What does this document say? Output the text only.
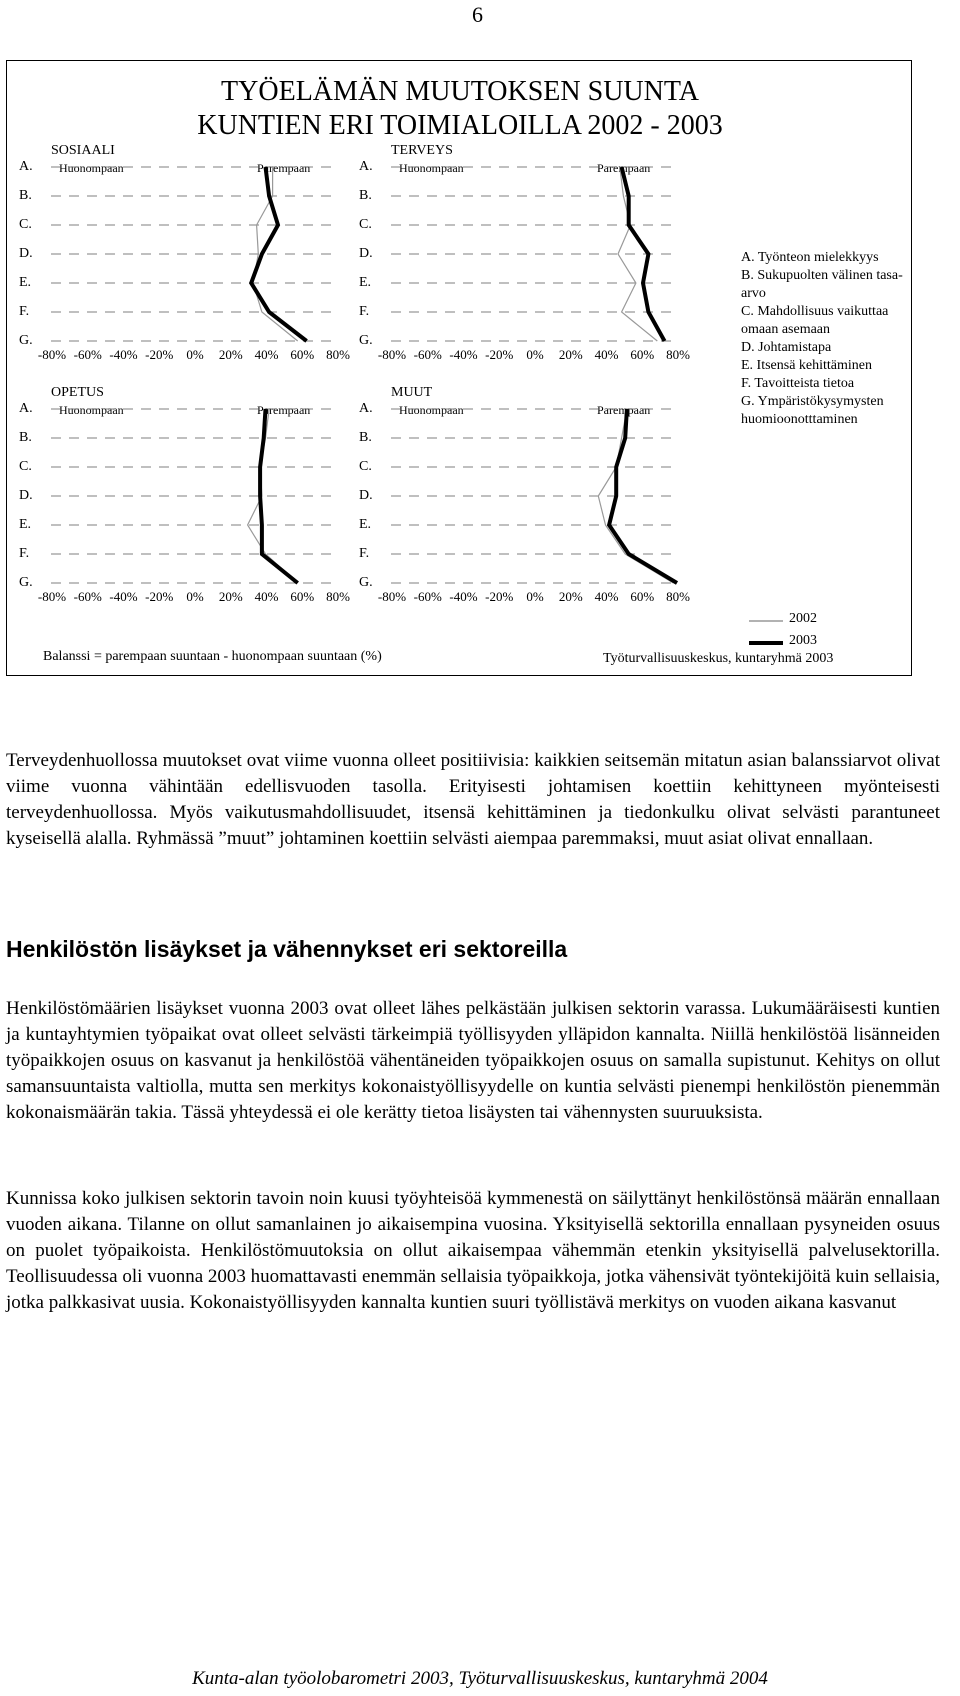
6
TYÖELÄMÄN MUUTOKSEN SUUNTA
KUNTIEN ERI TOIMIALOILLA 2002 - 2003
SOSIAALI
Huonompaan	Parempaan
A.
B.
C.
D.
E.
F.
G.
-80% -60% -40% -20%	0%	20% 40% 60% 80%
TERVEYS
Huonompaan	Parempaan
A.
B.
C.
D.
E.
F.
G.
-80% -60% -40% -20%	0%	20% 40% 60% 80%
OPETUS
Huonompaan	Parempaan
A.
B.
C.
D.
E.
F.
G.
-80% -60% -40% -20%	0%	20% 40% 60% 80%
MUUT
Huonompaan	Parempaan
A.
B.
C.
D.
E.
F.
G.
-80% -60% -40% -20%	0%	20% 40% 60% 80%
A. Työnteon mielekkyys
B. Sukupuolten välinen tasa-arvo
C. Mahdollisuus vaikuttaa omaan asemaan
D. Johtamistapa
E. Itsensä kehittäminen
F. Tavoitteista tietoa
G. Ympäristökysymysten huomioonotttaminen
2002
2003
Balanssi = parempaan suuntaan - huonompaan suuntaan (%)	Työturvallisuuskeskus, kuntaryhmä 2003

Terveydenhuollossa muutokset ovat viime vuonna olleet positiivisia: kaikkien seitsemän mitatun asian balanssiarvot olivat viime vuonna vähintään edellisvuoden tasolla. Erityisesti johtamisen koettiin kehittyneen myönteisesti terveydenhuollossa. Myös vaikutusmahdollisuudet, itsensä kehittäminen ja tiedonkulku olivat selvästi parantuneet kyseisellä alalla. Ryhmässä ”muut” johtaminen koettiin selvästi aiempaa paremmaksi, muut asiat olivat ennallaan.

Henkilöstön lisäykset ja vähennykset eri sektoreilla

Henkilöstömäärien lisäykset vuonna 2003 ovat olleet lähes pelkästään julkisen sektorin varassa. Lukumääräisesti kuntien ja kuntayhtymien työpaikat ovat olleet selvästi tärkeimpiä työllisyyden ylläpidon kannalta. Niillä henkilöstöä lisänneiden työpaikkojen osuus on kasvanut ja henkilöstöä vähentäneiden työpaikkojen osuus on samalla supistunut. Kehitys on ollut samansuuntaista valtiolla, mutta sen merkitys kokonaistyöllisyydelle on kuntia selvästi pienempi henkilöstön pienemmän kokonaismäärän takia. Tässä yhteydessä ei ole kerätty tietoa lisäysten tai vähennysten suuruuksista.

Kunnissa koko julkisen sektorin tavoin noin kuusi työyhteisöä kymmenestä on säilyttänyt henkilöstönsä määrän ennallaan vuoden aikana. Tilanne on ollut samanlainen jo aikaisempina vuosina. Yksityisellä sektorilla ennallaan pysyneiden osuus on puolet työpaikoista. Henkilöstömuutoksia on ollut aikaisempaa vähemmän etenkin yksityisellä palvelusektorilla. Teollisuudessa oli vuonna 2003 huomattavasti enemmän sellaisia työpaikkoja, jotka vähensivät työntekijöitä kuin sellaisia, jotka palkkasivat uusia. Kokonaistyöllisyyden kannalta kuntien suuri työllistävä merkitys on vuoden aikana kasvanut

Kunta-alan työolobarometri 2003, Työturvallisuuskeskus, kuntaryhmä 2004
